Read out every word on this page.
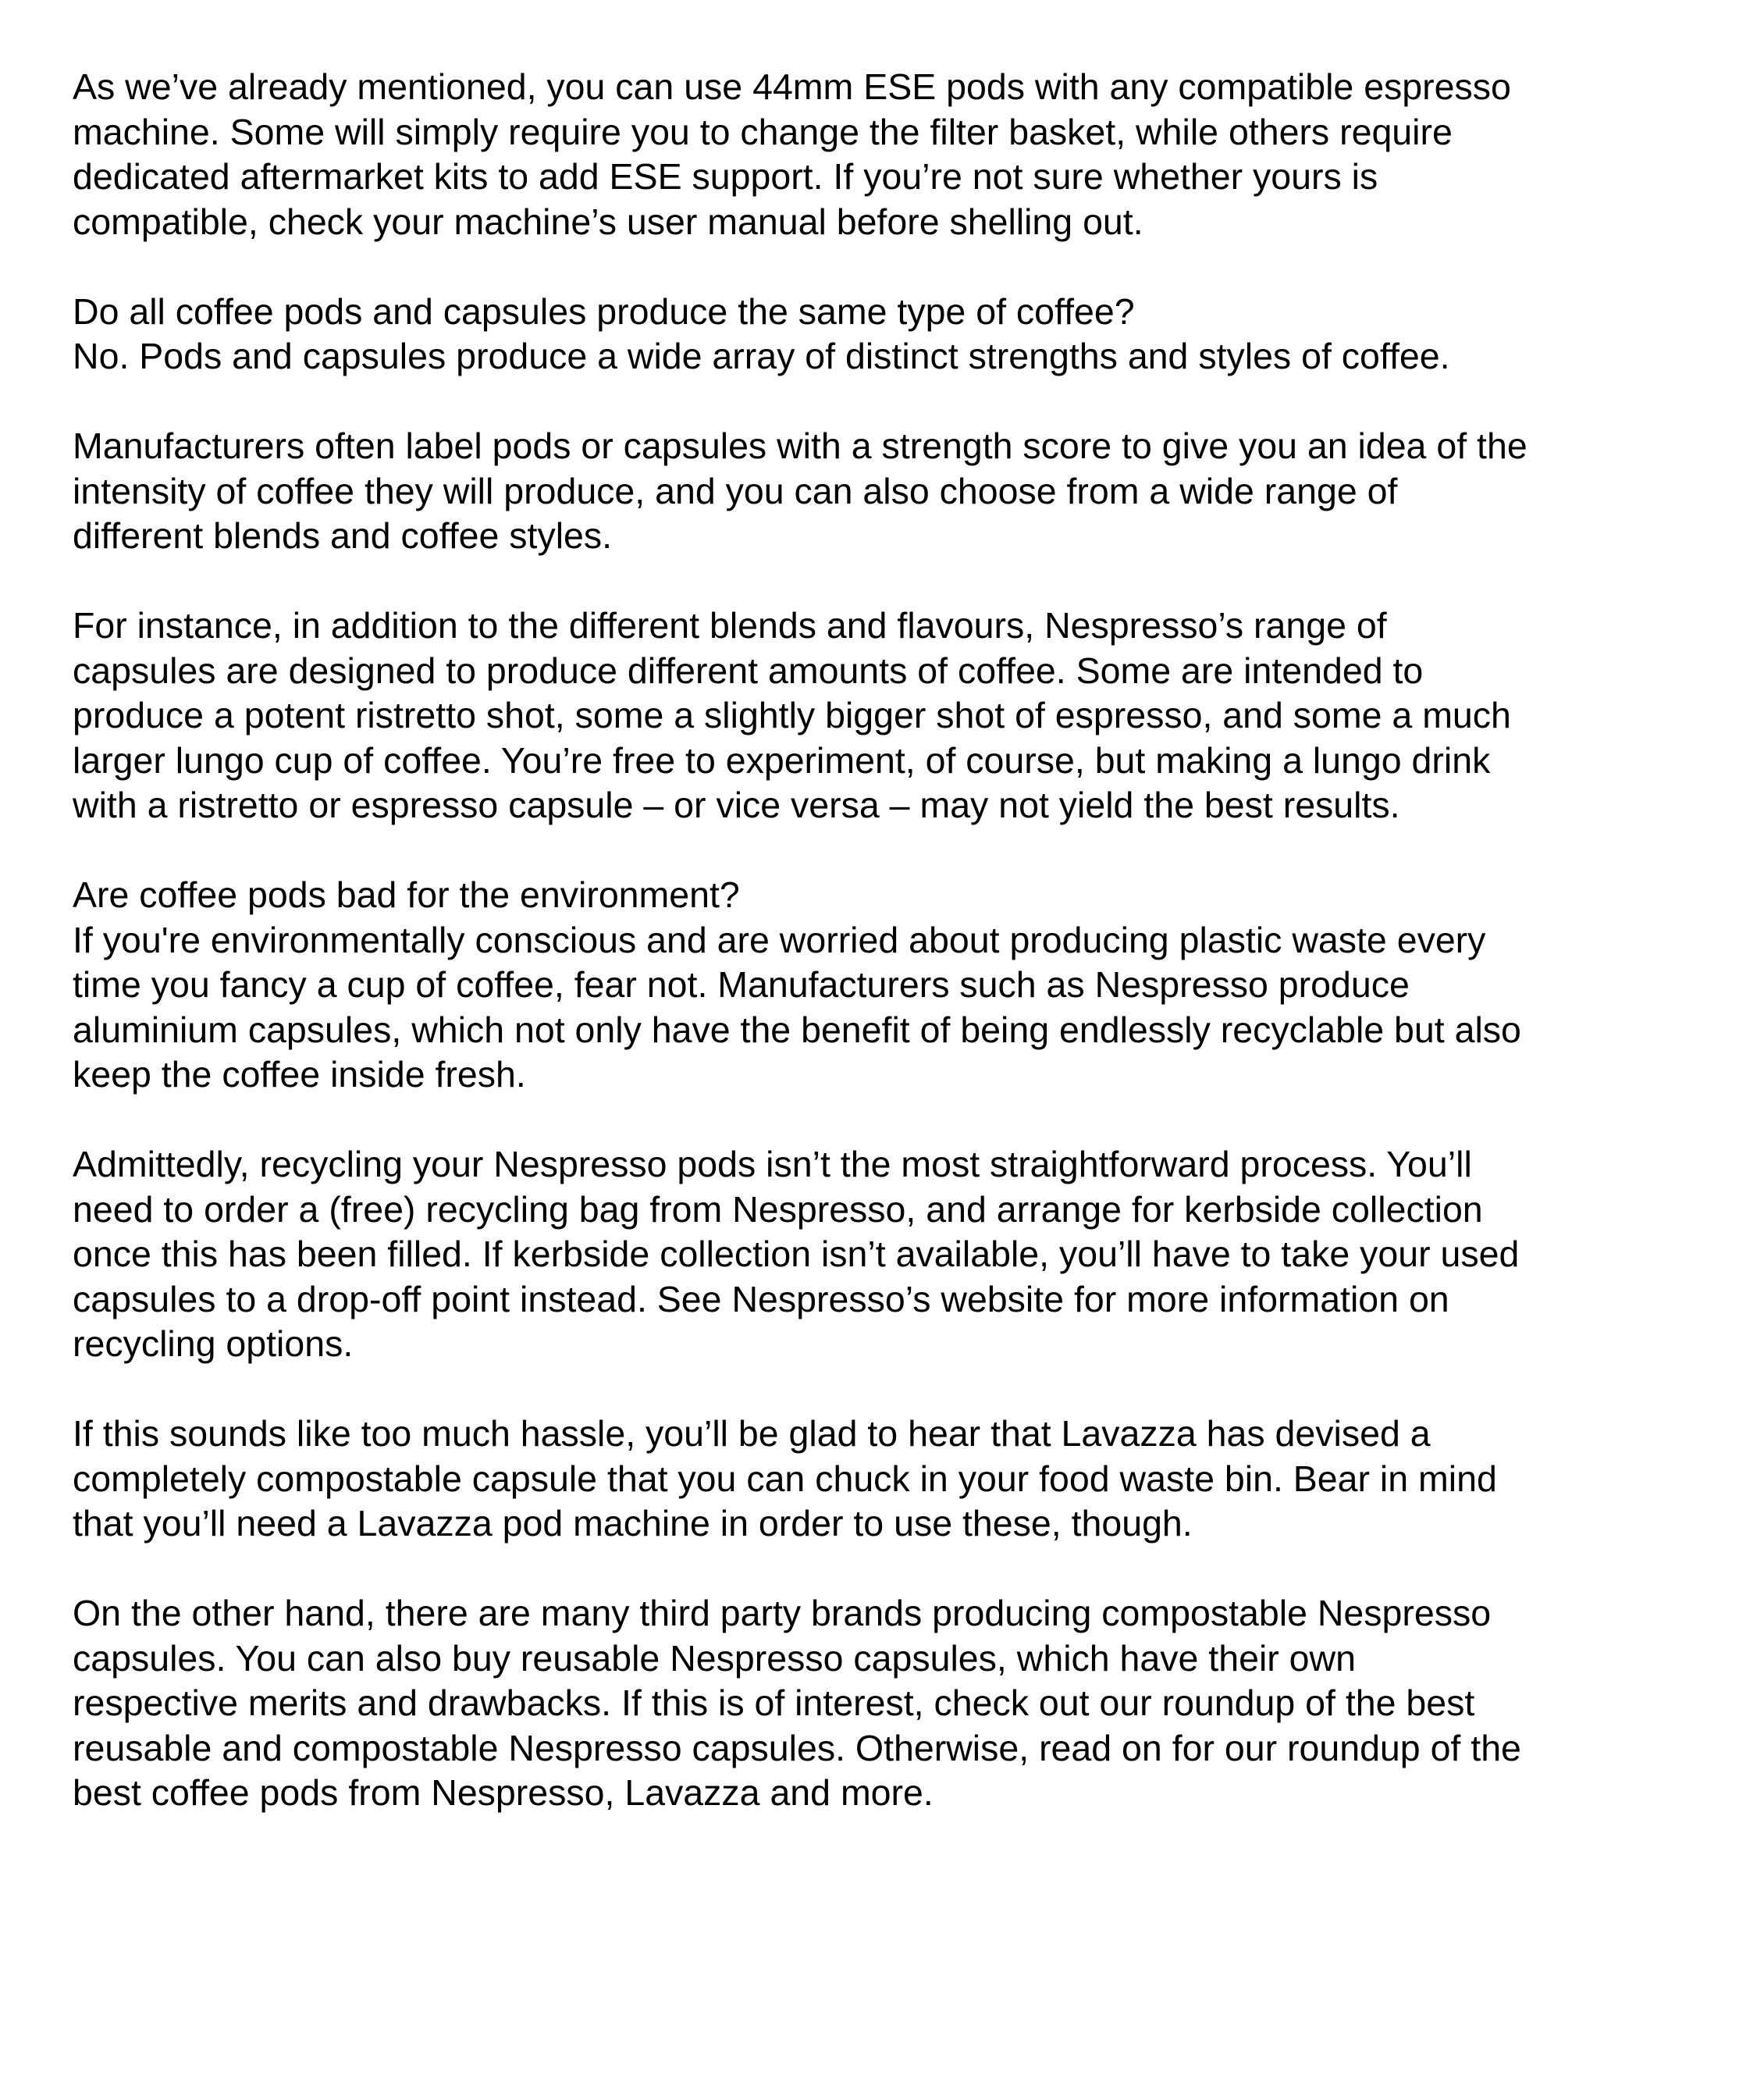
As we’ve already mentioned, you can use 44mm ESE pods with any compatible espresso
machine. Some will simply require you to change the filter basket, while others require
dedicated aftermarket kits to add ESE support. If you’re not sure whether yours is
compatible, check your machine’s user manual before shelling out.
Do all coffee pods and capsules produce the same type of coffee?
No. Pods and capsules produce a wide array of distinct strengths and styles of coffee.
Manufacturers often label pods or capsules with a strength score to give you an idea of the
intensity of coffee they will produce, and you can also choose from a wide range of
different blends and coffee styles.
For instance, in addition to the different blends and flavours, Nespresso’s range of
capsules are designed to produce different amounts of coffee. Some are intended to
produce a potent ristretto shot, some a slightly bigger shot of espresso, and some a much
larger lungo cup of coffee. You’re free to experiment, of course, but making a lungo drink
with a ristretto or espresso capsule – or vice versa – may not yield the best results.
Are coffee pods bad for the environment?
If you're environmentally conscious and are worried about producing plastic waste every
time you fancy a cup of coffee, fear not. Manufacturers such as Nespresso produce
aluminium capsules, which not only have the benefit of being endlessly recyclable but also
keep the coffee inside fresh.
Admittedly, recycling your Nespresso pods isn’t the most straightforward process. You’ll
need to order a (free) recycling bag from Nespresso, and arrange for kerbside collection
once this has been filled. If kerbside collection isn’t available, you’ll have to take your used
capsules to a drop-off point instead. See Nespresso’s website for more information on
recycling options.
If this sounds like too much hassle, you’ll be glad to hear that Lavazza has devised a
completely compostable capsule that you can chuck in your food waste bin. Bear in mind
that you’ll need a Lavazza pod machine in order to use these, though.
On the other hand, there are many third party brands producing compostable Nespresso
capsules. You can also buy reusable Nespresso capsules, which have their own
respective merits and drawbacks. If this is of interest, check out our roundup of the best
reusable and compostable Nespresso capsules. Otherwise, read on for our roundup of the
best coffee pods from Nespresso, Lavazza and more.
